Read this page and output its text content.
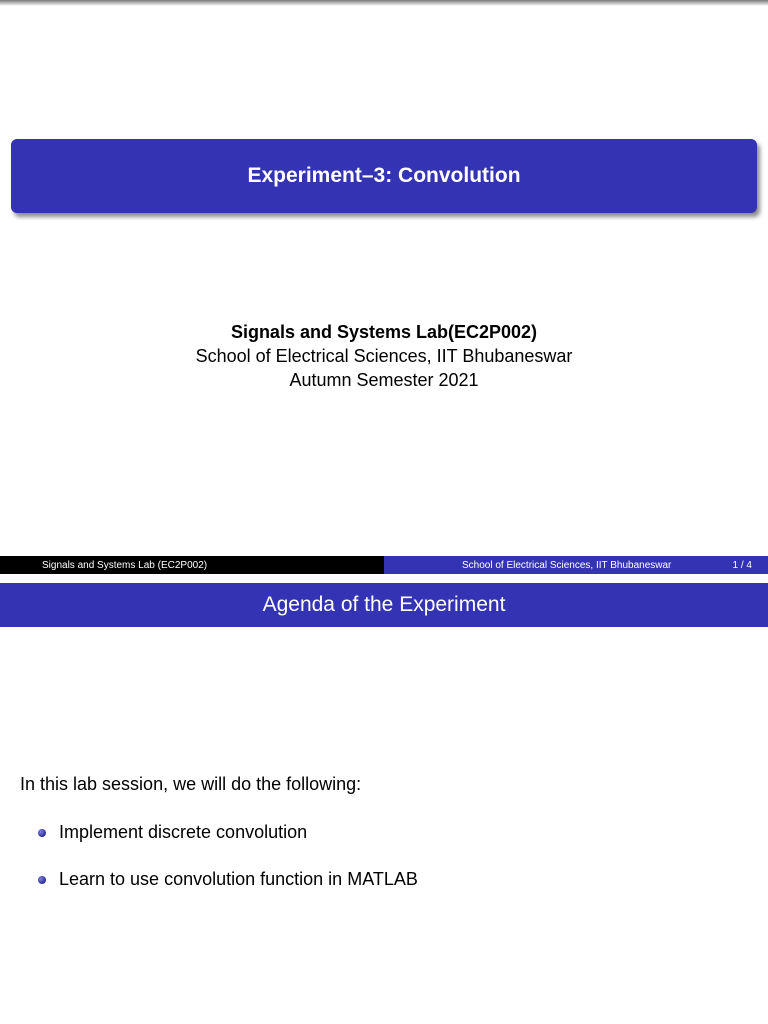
Experiment–3: Convolution
Signals and Systems Lab(EC2P002)
School of Electrical Sciences, IIT Bhubaneswar
Autumn Semester 2021
Signals and Systems Lab (EC2P002)	School of Electrical Sciences, IIT Bhubaneswar	1 / 4
Agenda of the Experiment
In this lab session, we will do the following:
Implement discrete convolution
Learn to use convolution function in MATLAB
